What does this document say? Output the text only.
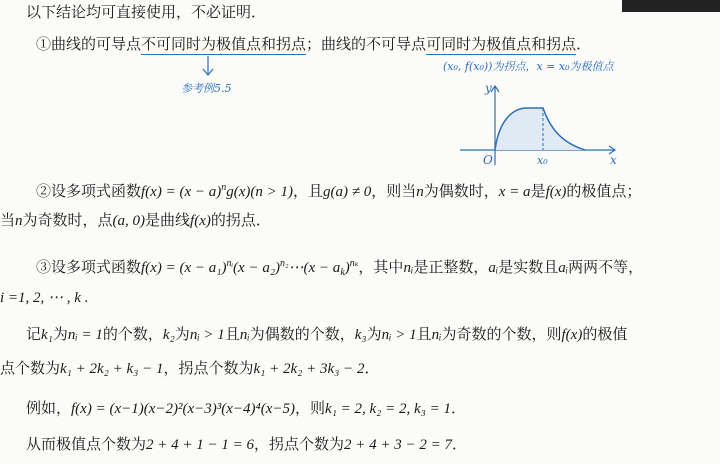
以下结论均可直接使用，不必证明．
①曲线的可导点不可同时为极值点和拐点；曲线的不可导点可同时为极值点和拐点．
参考例5.5
(x₀, f(x₀))为拐点，x = x₀为极值点
y
x
O	x₀
②设多项式函数$f(x) = (x - a)^ng(x)(n > 1)$，且g(a) ≠ 0，则当n为偶数时，x = a是f(x)的极值点；
当n为奇数时，点(a, 0)是曲线f(x)的拐点．
③设多项式函数$f(x) = (x - a_1)^{nᵢ}(x$ − $a_2)^{n_2}\cdots(x - a_k)^{n_k}$，其中nᵢ是正整数，aᵢ是实数且aᵢ两两不等，
i =1, 2, ⋯ , k .
记k₁为nᵢ = 1的个数，k₂为nᵢ > 1且nᵢ为偶数的个数，k₃为nᵢ > 1且nᵢ为奇数的个数，则f(x)的极值
点个数为k₁ + 2k₂ + k₃ − 1，拐点个数为k₁ + 2k₂ + 3k₃ − 2．
例如，f(x) = (x−1)(x−2)²(x−3)³(x−4)⁴(x−5)，则k₁ = 2, k₂ = 2, k₃ = 1．
从而极值点个数为2 + 4 + 1 − 1 = 6，拐点个数为2 + 4 + 3 − 2 = 7．
